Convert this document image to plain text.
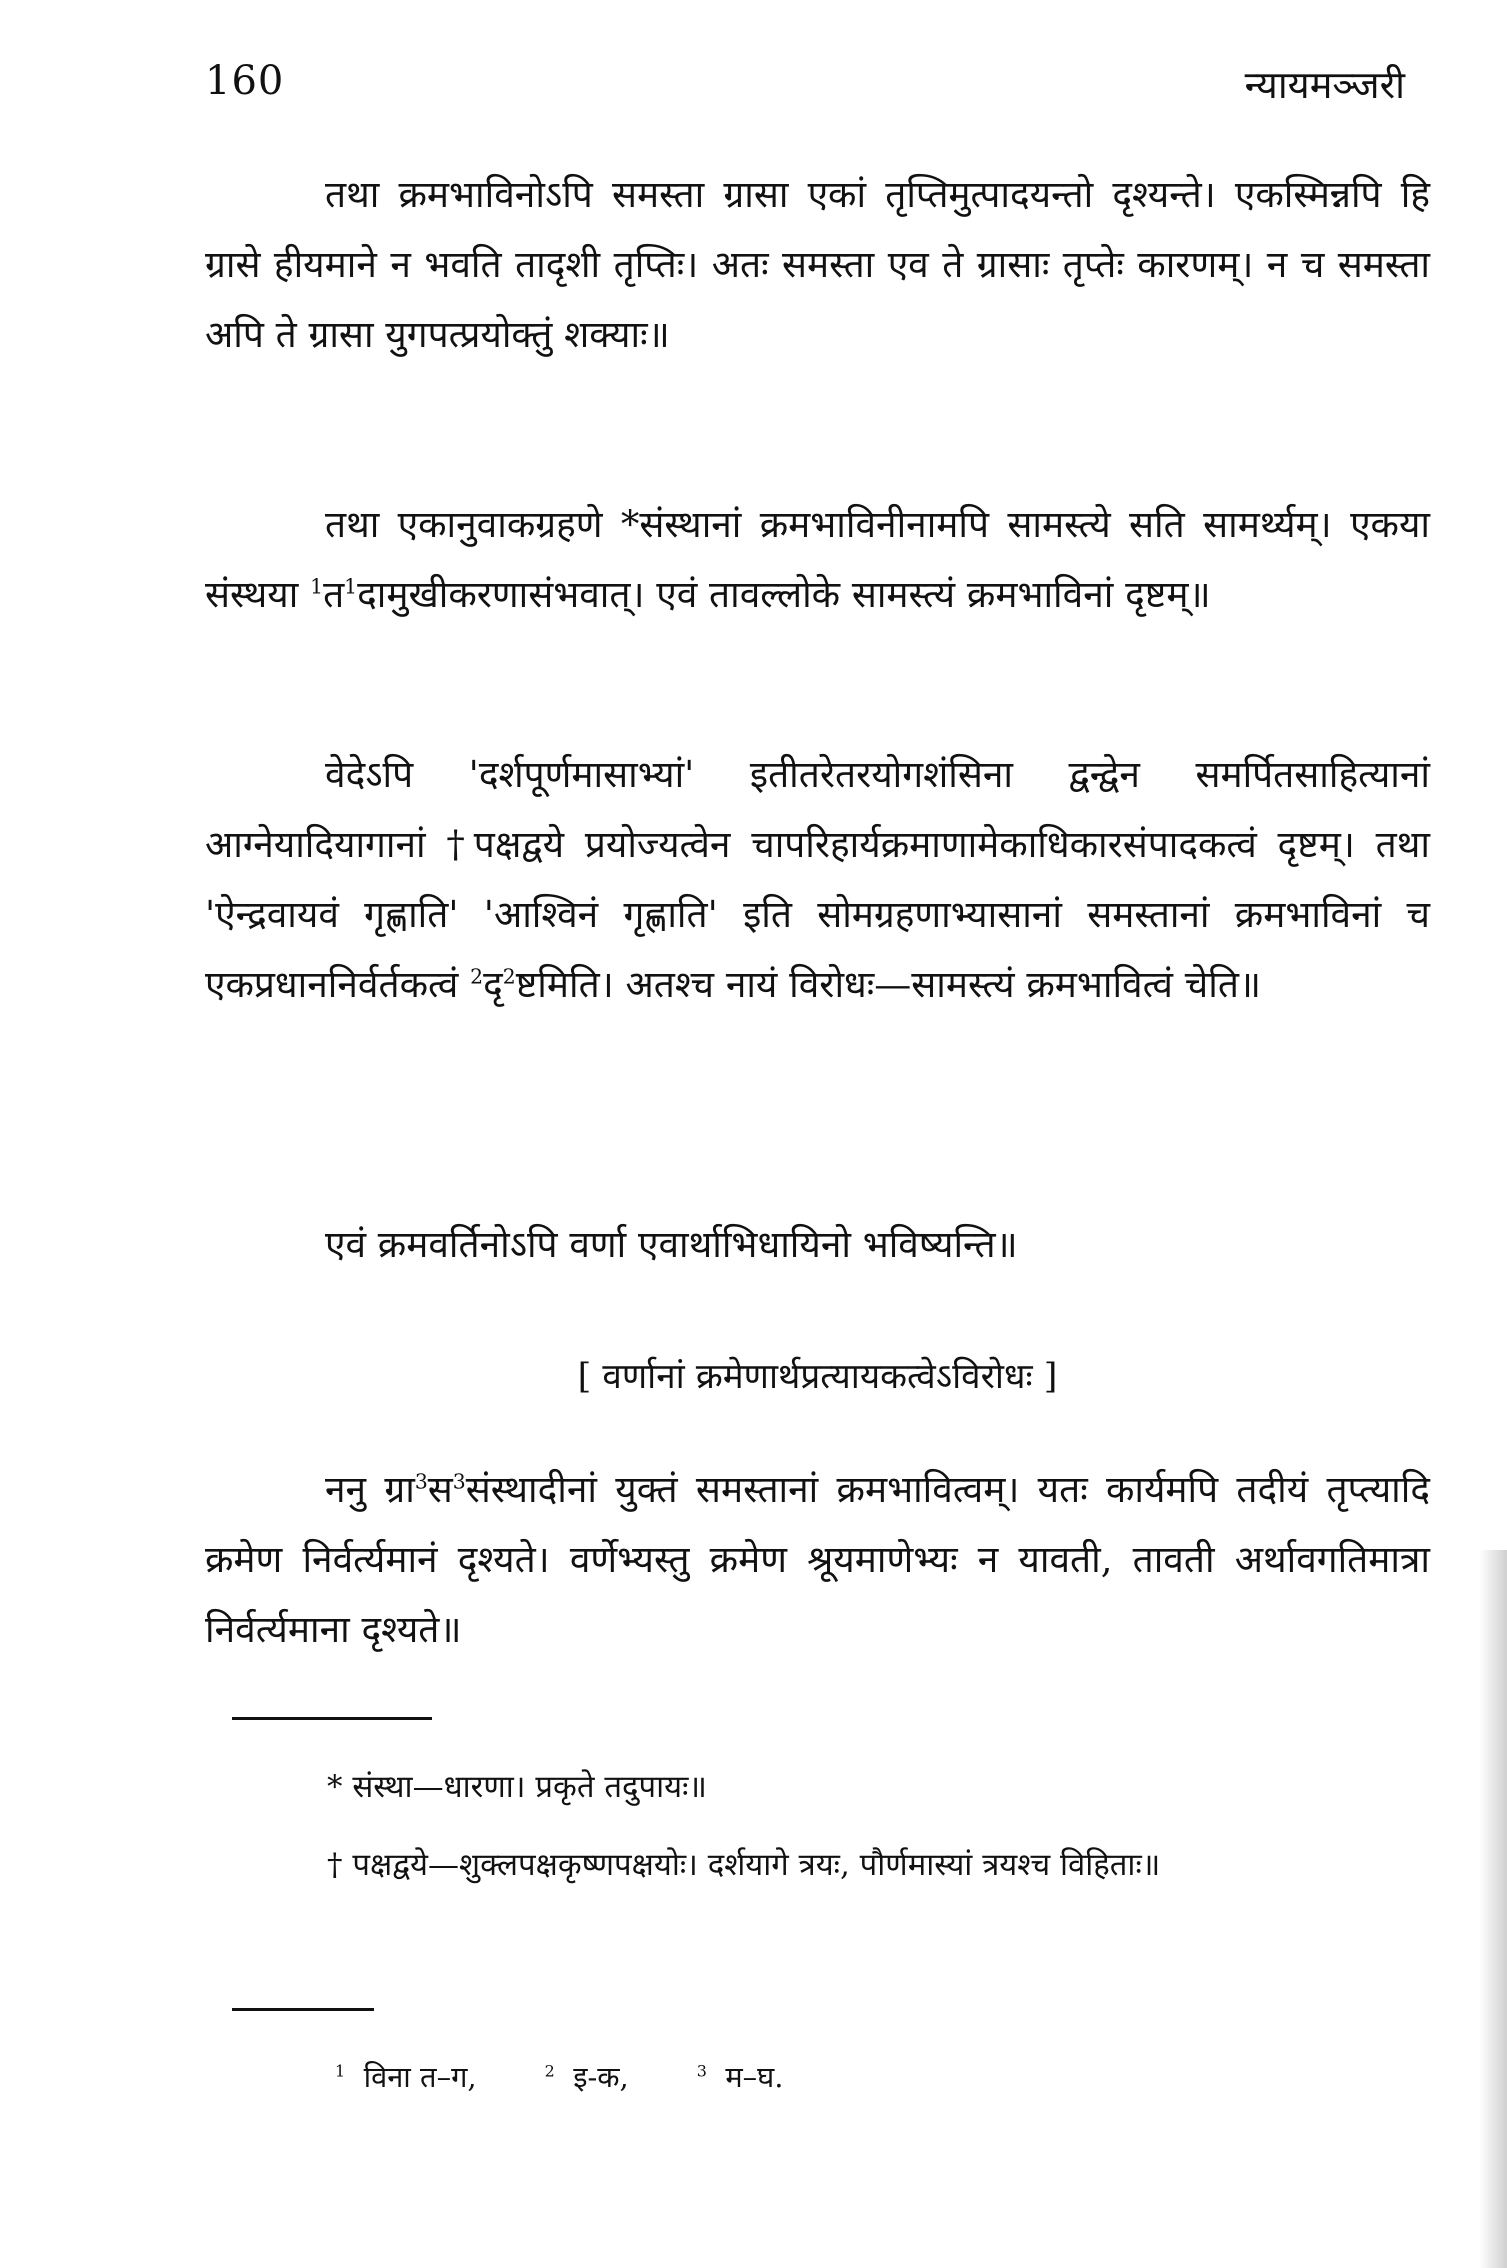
160	न्यायमञ्जरी

तथा क्रमभाविनोऽपि समस्ता ग्रासा एकां तृप्तिमुत्पादयन्तो दृश्यन्ते। एकस्मिन्नपि हि ग्रासे हीयमाने न भवति तादृशी तृप्तिः। अतः समस्ता एव ते ग्रासाः तृप्तेः कारणम्। न च समस्ता अपि ते ग्रासा युगपत्प्रयोक्तुं शक्याः॥

तथा एकानुवाकग्रहणे *संस्थानां क्रमभाविनीनामपि सामस्त्ये सति सामर्थ्यम्। एकया संस्थया $^1$त$^1$दामुखीकरणासंभवात्। एवं तावल्लोके सामस्त्यं क्रमभाविनां दृष्टम्॥

वेदेऽपि 'दर्शपूर्णमासाभ्यां' इतीतरेतरयोगशंसिना द्वन्द्वेन समर्पितसाहित्यानां आग्नेयादियागानां †पक्षद्वये प्रयोज्यत्वेन चापरिहार्यक्रमाणामेकाधिकारसंपादकत्वं दृष्टम्। तथा 'ऐन्द्रवायवं गृह्णाति' 'आश्विनं गृह्णाति' इति सोमग्रहणाभ्यासानां समस्तानां क्रमभाविनां च एकप्रधाननिर्वर्तकत्वं $^2$दृ$^2$ष्टमिति। अतश्च नायं विरोधः—सामस्त्यं क्रमभावित्वं चेति॥

एवं क्रमवर्तिनोऽपि वर्णा एवार्थाभिधायिनो भविष्यन्ति॥

[ वर्णानां क्रमेणार्थप्रत्यायकत्वेऽविरोधः ]

ननु ग्रा$^3$स$^3$संस्थादीनां युक्तं समस्तानां क्रमभावित्वम्। यतः कार्यमपि तदीयं तृप्त्यादि क्रमेण निर्वर्त्यमानं दृश्यते। वर्णेभ्यस्तु क्रमेण श्रूयमाणेभ्यः न यावती, तावती अर्थावगतिमात्रा निर्वर्त्यमाना दृश्यते॥

* संस्था—धारणा। प्रकृते तदुपायः॥

† पक्षद्वये—शुक्लपक्षकृष्णपक्षयोः। दर्शयागे त्रयः, पौर्णमास्यां त्रयश्च विहिताः॥

$^1$ विना त–ग,	$^2$ इ-क,	$^3$ म–घ.
